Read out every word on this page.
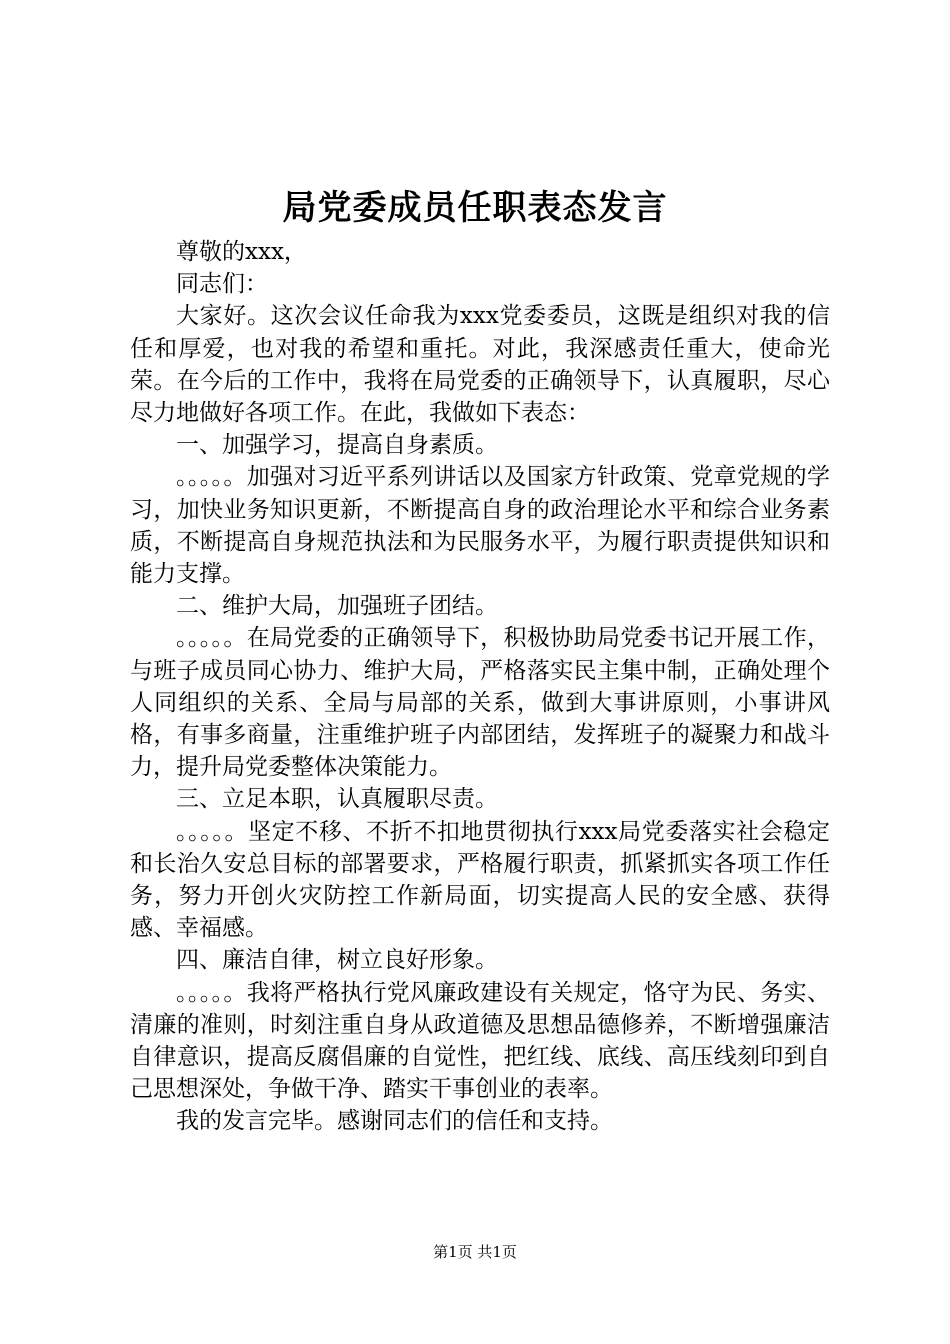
局党委成员任职表态发言

尊敬的xxx，

同志们：

大家好。这次会议任命我为xxx党委委员，这既是组织对我的信任和厚爱，也对我的希望和重托。对此，我深感责任重大，使命光荣。在今后的工作中，我将在局党委的正确领导下，认真履职，尽心尽力地做好各项工作。在此，我做如下表态：

一、加强学习，提高自身素质。

。。。。。加强对习近平系列讲话以及国家方针政策、党章党规的学习，加快业务知识更新，不断提高自身的政治理论水平和综合业务素质，不断提高自身规范执法和为民服务水平，为履行职责提供知识和能力支撑。

二、维护大局，加强班子团结。

。。。。。在局党委的正确领导下，积极协助局党委书记开展工作，与班子成员同心协力、维护大局，严格落实民主集中制，正确处理个人同组织的关系、全局与局部的关系，做到大事讲原则，小事讲风格，有事多商量，注重维护班子内部团结，发挥班子的凝聚力和战斗力，提升局党委整体决策能力。

三、立足本职，认真履职尽责。

。。。。。坚定不移、不折不扣地贯彻执行xxx局党委落实社会稳定和长治久安总目标的部署要求，严格履行职责，抓紧抓实各项工作任务，努力开创火灾防控工作新局面，切实提高人民的安全感、获得感、幸福感。

四、廉洁自律，树立良好形象。

。。。。。我将严格执行党风廉政建设有关规定，恪守为民、务实、清廉的准则，时刻注重自身从政道德及思想品德修养，不断增强廉洁自律意识，提高反腐倡廉的自觉性，把红线、底线、高压线刻印到自己思想深处，争做干净、踏实干事创业的表率。

我的发言完毕。感谢同志们的信任和支持。

第1页 共1页
